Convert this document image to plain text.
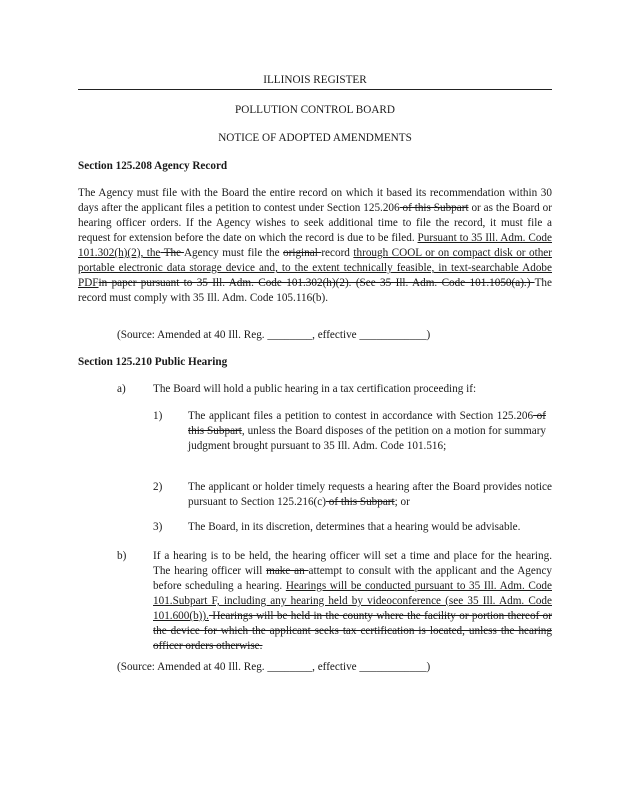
ILLINOIS REGISTER
POLLUTION CONTROL BOARD
NOTICE OF ADOPTED AMENDMENTS
Section 125.208 Agency Record
The Agency must file with the Board the entire record on which it based its recommendation within 30 days after the applicant files a petition to contest under Section 125.206 of this Subpart or as the Board or hearing officer orders. If the Agency wishes to seek additional time to file the record, it must file a request for extension before the date on which the record is due to be filed. Pursuant to 35 Ill. Adm. Code 101.302(h)(2), the The Agency must file the original record through COOL or on compact disk or other portable electronic data storage device and, to the extent technically feasible, in text-searchable Adobe PDFin paper pursuant to 35 Ill. Adm. Code 101.302(h)(2). (See 35 Ill. Adm. Code 101.1050(a).) The record must comply with 35 Ill. Adm. Code 105.116(b).
(Source: Amended at 40 Ill. Reg. ________, effective ____________)
Section 125.210 Public Hearing
a) The Board will hold a public hearing in a tax certification proceeding if:
1) The applicant files a petition to contest in accordance with Section 125.206 of this Subpart, unless the Board disposes of the petition on a motion for summary judgment brought pursuant to 35 Ill. Adm. Code 101.516;
2) The applicant or holder timely requests a hearing after the Board provides notice pursuant to Section 125.216(c) of this Subpart; or
3) The Board, in its discretion, determines that a hearing would be advisable.
b) If a hearing is to be held, the hearing officer will set a time and place for the hearing. The hearing officer will make an attempt to consult with the applicant and the Agency before scheduling a hearing. Hearings will be conducted pursuant to 35 Ill. Adm. Code 101.Subpart F, including any hearing held by videoconference (see 35 Ill. Adm. Code 101.600(b)). Hearings will be held in the county where the facility or portion thereof or the device for which the applicant seeks tax certification is located, unless the hearing officer orders otherwise.
(Source: Amended at 40 Ill. Reg. ________, effective ____________)
